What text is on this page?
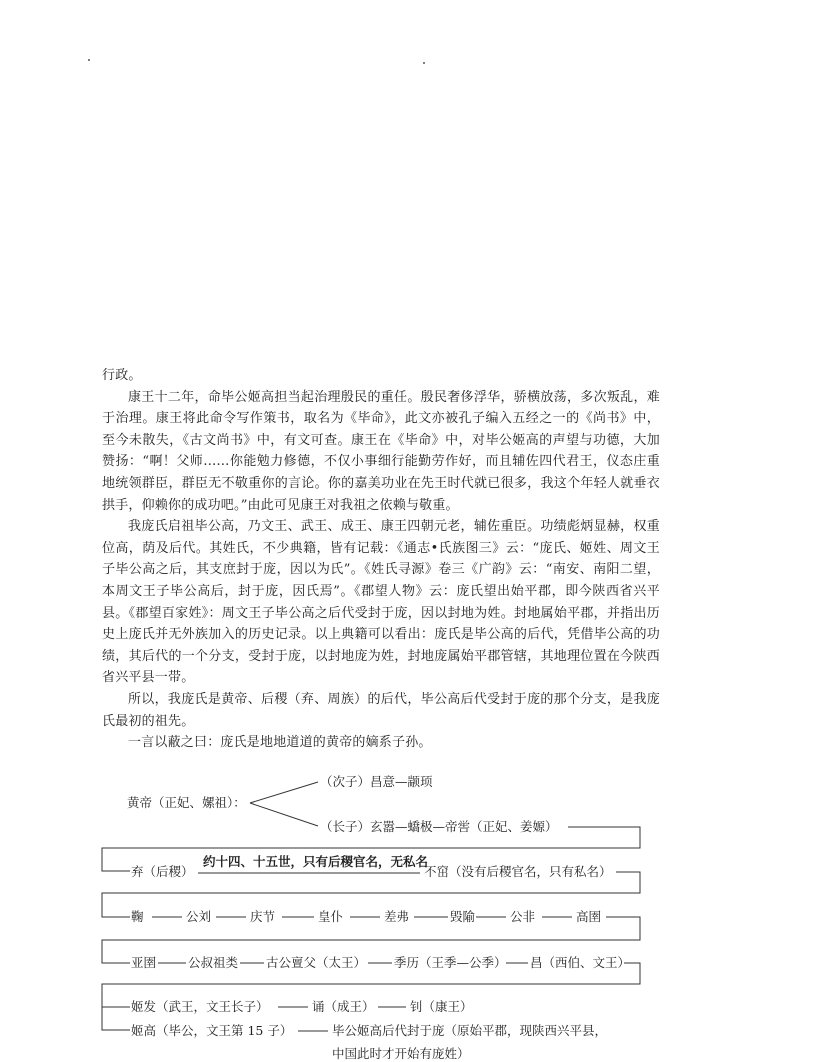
行政。

康王十二年，命毕公姬高担当起治理殷民的重任。殷民奢侈浮华，骄横放荡，多次叛乱，难于治理。康王将此命令写作策书，取名为《毕命》，此文亦被孔子编入五经之一的《尚书》中，至今未散失，《古文尚书》中，有文可查。康王在《毕命》中，对毕公姬高的声望与功德，大加赞扬：“啊！父师……你能勉力修德，不仅小事细行能勤劳作好，而且辅佐四代君王，仪态庄重地统领群臣，群臣无不敬重你的言论。你的嘉美功业在先王时代就已很多，我这个年轻人就垂衣拱手，仰赖你的成功吧。”由此可见康王对我祖之依赖与敬重。

我庞氏启祖毕公高，乃文王、武王、成王、康王四朝元老，辅佐重臣。功绩彪炳显赫，权重位高，荫及后代。其姓氏，不少典籍，皆有记载：《通志•氏族图三》云：“庞氏、姬姓、周文王子毕公高之后，其支庶封于庞，因以为氏”。《姓氏寻源》卷三《广韵》云：“南安、南阳二望，本周文王子毕公高后，封于庞，因氏焉”。《郡望人物》云：庞氏望出始平郡，即今陕西省兴平县。《郡望百家姓》：周文王子毕公高之后代受封于庞，因以封地为姓。封地属始平郡，并指出历史上庞氏并无外族加入的历史记录。以上典籍可以看出：庞氏是毕公高的后代，凭借毕公高的功绩，其后代的一个分支，受封于庞，以封地庞为姓，封地庞属始平郡管辖，其地理位置在今陕西省兴平县一带。

所以，我庞氏是黄帝、后稷（弃、周族）的后代，毕公高后代受封于庞的那个分支，是我庞氏最初的祖先。

一言以蔽之曰：庞氏是地地道道的黄帝的嫡系子孙。

黄帝（正妃、嫘祖）：
（次子）昌意—颛顼
（长子）玄嚣—蟜极—帝喾（正妃、姜嫄）
弃（后稷）
约十四、十五世，只有后稷官名，无私名
不窋（没有后稷官名，只有私名）
鞠	公刘	庆节	皇仆	差弗	毁隃	公非	高圉
亚圉	公叔祖类 古公亶父（太王） 季历（王季—公季） 昌（西伯、文王）
姬发（武王，文王长子）	诵（成王）	钊（康王）
姬高（毕公，文王第 15 子）	毕公姬高后代封于庞（原始平郡，现陕西兴平县，
中国此时才开始有庞姓）
